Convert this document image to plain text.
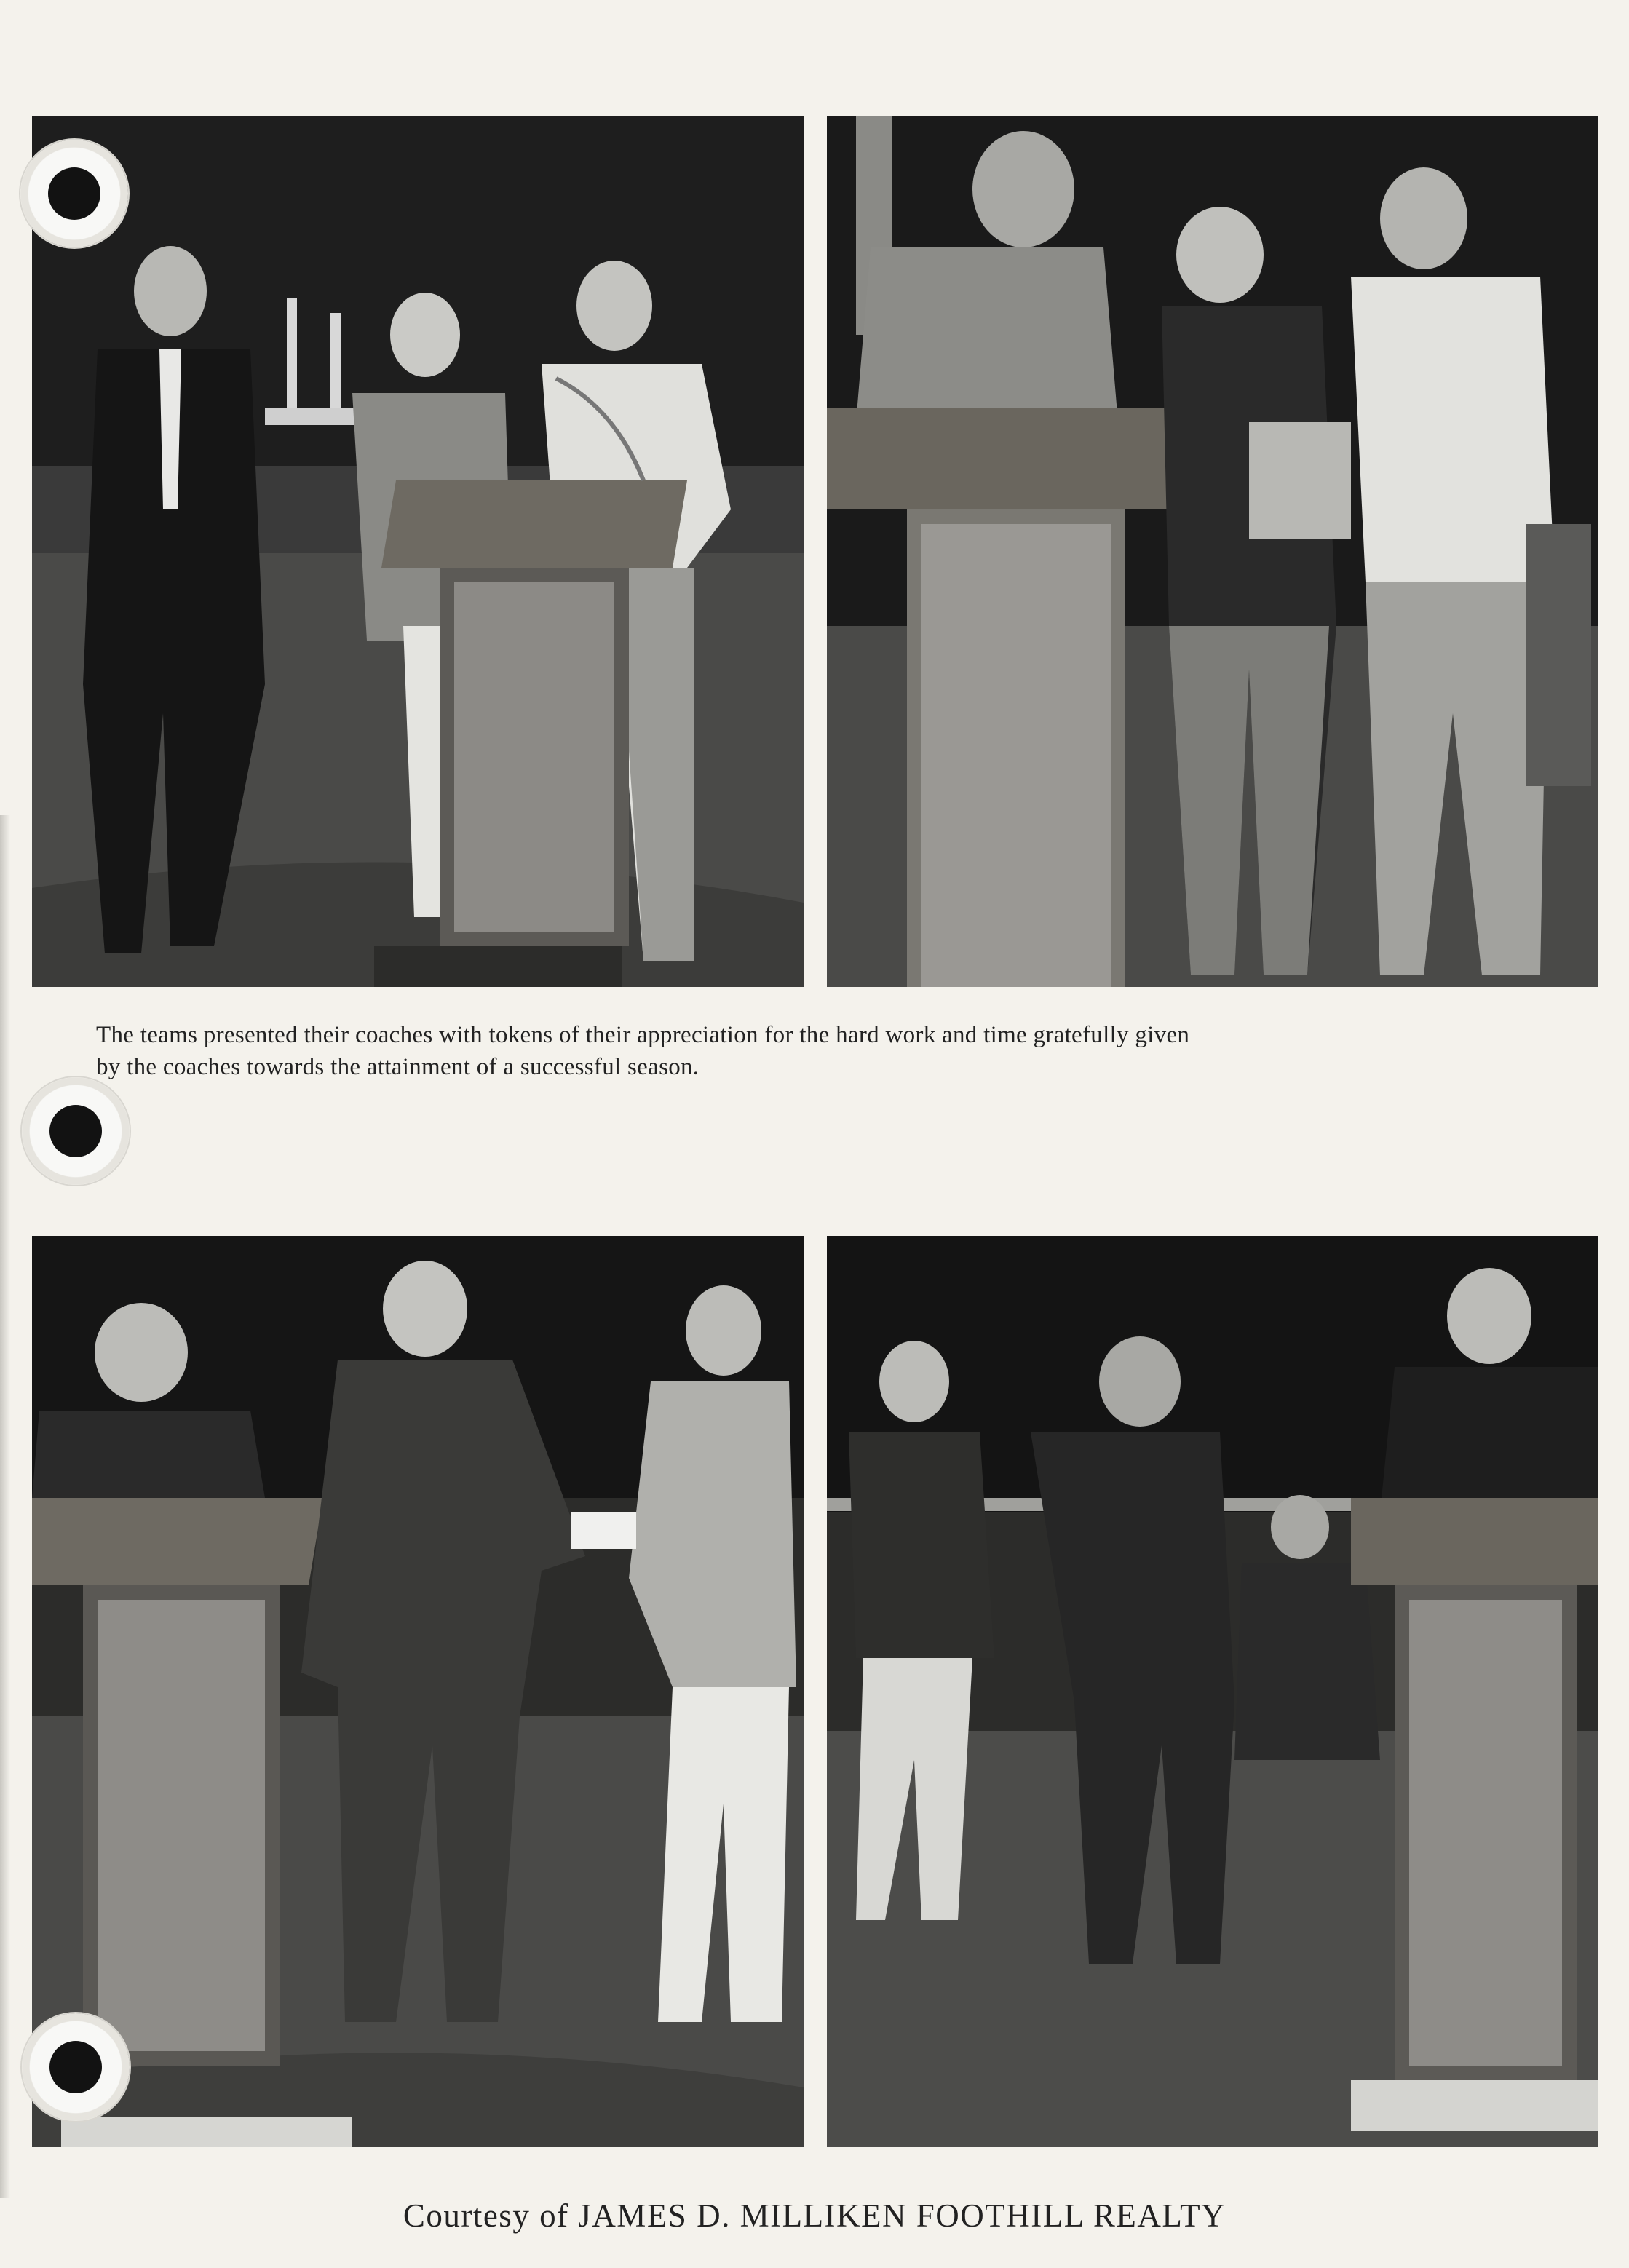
The teams presented their coaches with tokens of their appreciation for the hard work and time gratefully given
by the coaches towards the attainment of a successful season.
Courtesy of JAMES D. MILLIKEN FOOTHILL REALTY
